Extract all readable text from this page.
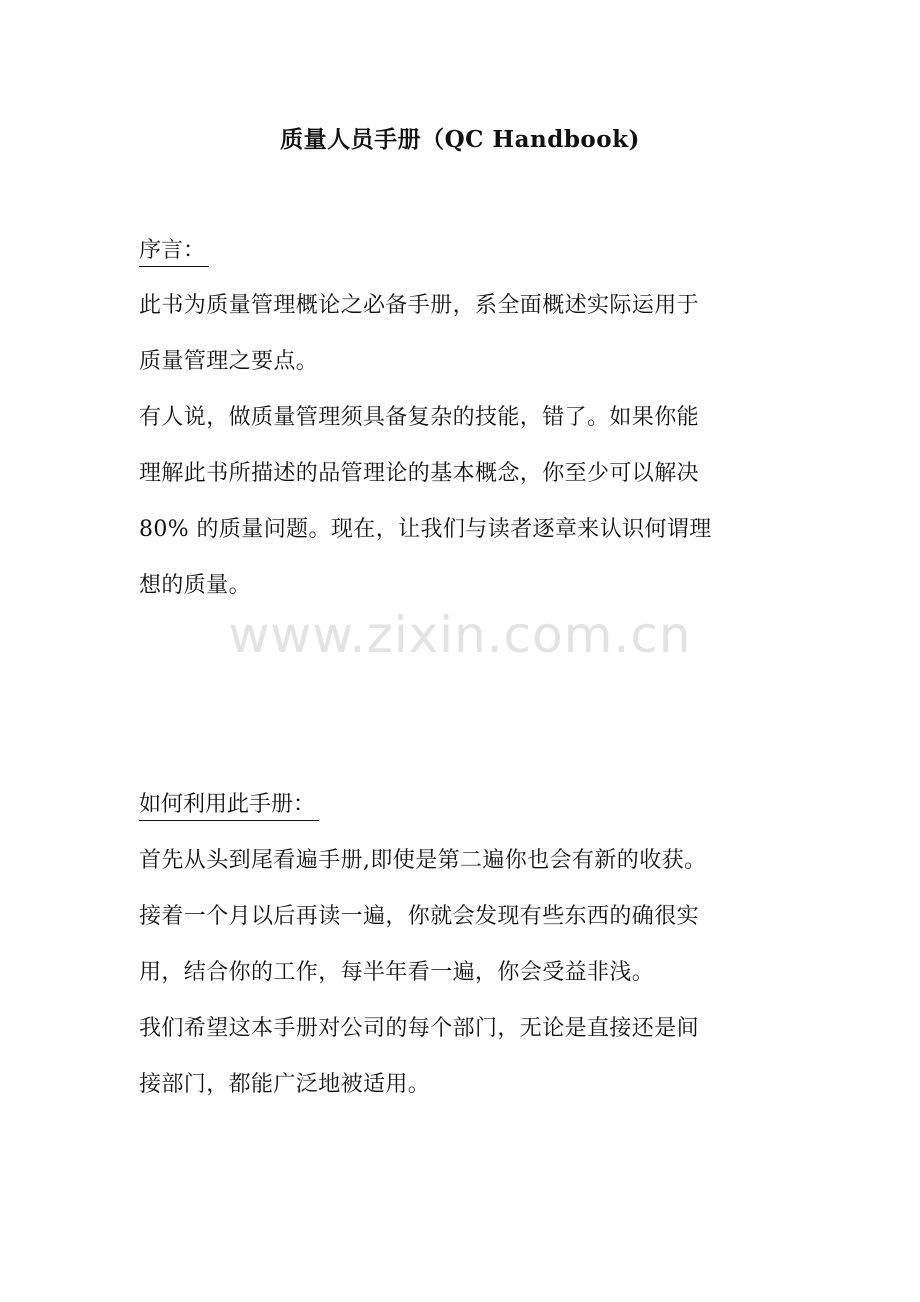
质量人员手册（QC Handbook)
序言：
此书为质量管理概论之必备手册，系全面概述实际运用于
质量管理之要点。
有人说，做质量管理须具备复杂的技能，错了。如果你能
理解此书所描述的品管理论的基本概念，你至少可以解决
80% 的质量问题。现在，让我们与读者逐章来认识何谓理
想的质量。
www.zixin.com.cn
如何利用此手册：
首先从头到尾看遍手册,即使是第二遍你也会有新的收获。
接着一个月以后再读一遍，你就会发现有些东西的确很实
用，结合你的工作，每半年看一遍，你会受益非浅。
我们希望这本手册对公司的每个部门，无论是直接还是间
接部门，都能广泛地被适用。
